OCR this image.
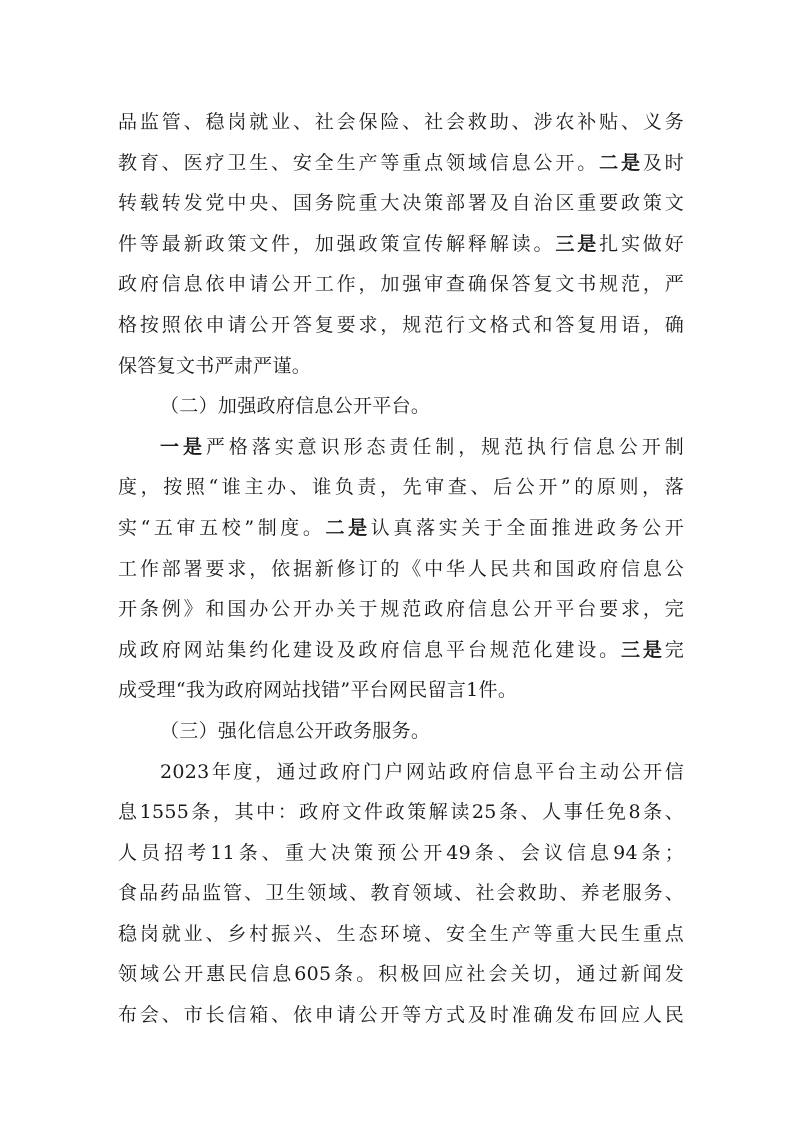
品监管、稳岗就业、社会保险、社会救助、涉农补贴、义务
教育、医疗卫生、安全生产等重点领域信息公开。二是及时
转载转发党中央、国务院重大决策部署及自治区重要政策文
件等最新政策文件，加强政策宣传解释解读。三是扎实做好
政府信息依申请公开工作，加强审查确保答复文书规范，严
格按照依申请公开答复要求，规范行文格式和答复用语，确
保答复文书严肃严谨。
（二）加强政府信息公开平台。
一是严格落实意识形态责任制，规范执行信息公开制
度，按照“谁主办、谁负责，先审查、后公开”的原则，落
实“五审五校”制度。二是认真落实关于全面推进政务公开
工作部署要求，依据新修订的《中华人民共和国政府信息公
开条例》和国办公开办关于规范政府信息公开平台要求，完
成政府网站集约化建设及政府信息平台规范化建设。三是完
成受理“我为政府网站找错”平台网民留言1件。
（三）强化信息公开政务服务。
2023年度，通过政府门户网站政府信息平台主动公开信
息1555条，其中：政府文件政策解读25条、人事任免8条、
人员招考11条、重大决策预公开49条、会议信息94条；
食品药品监管、卫生领域、教育领域、社会救助、养老服务、
稳岗就业、乡村振兴、生态环境、安全生产等重大民生重点
领域公开惠民信息605条。积极回应社会关切，通过新闻发
布会、市长信箱、依申请公开等方式及时准确发布回应人民
